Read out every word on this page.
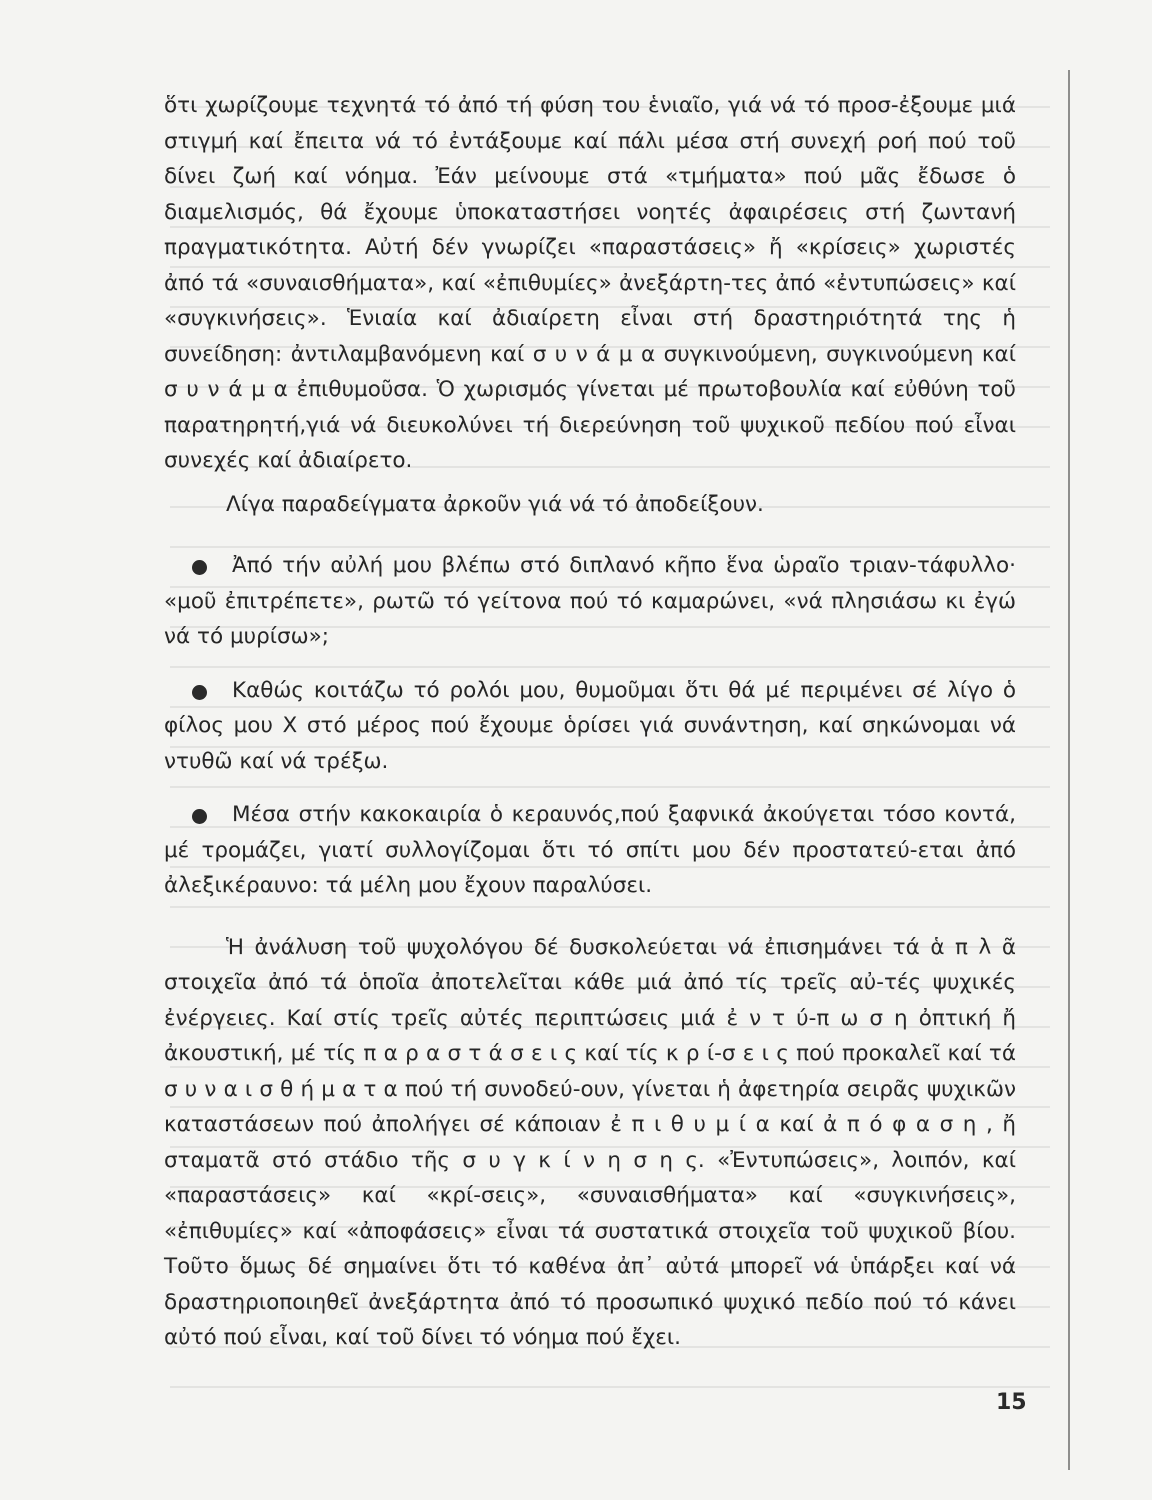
ὅτι χωρίζουμε τεχνητά τό ἀπό τή φύση του ἑνιαῖο, γιά νά τό προσ-ἐξουμε μιά στιγμή καί ἔπειτα νά τό ἐντάξουμε καί πάλι μέσα στή συνεχή ροή πού τοῦ δίνει ζωή καί νόημα. Ἐάν μείνουμε στά «τμήματα» πού μᾶς ἔδωσε ὁ διαμελισμός, θά ἔχουμε ὑποκαταστήσει νοητές ἀφαιρέσεις στή ζωντανή πραγματικότητα. Αὐτή δέν γνωρίζει «παραστάσεις» ἤ «κρίσεις» χωριστές ἀπό τά «συναισθήματα», καί «ἐπιθυμίες» ἀνεξάρτη-τες ἀπό «ἐντυπώσεις» καί «συγκινήσεις». Ἑνιαία καί ἀδιαίρετη εἶναι στή δραστηριότητά της ἡ συνείδηση: ἀντιλαμβανόμενη καί σ υ ν ά μ α συγκινούμενη, συγκινούμενη καί σ υ ν ά μ α ἐπιθυμοῦσα. Ὁ χωρισμός γίνεται μέ πρωτοβουλία καί εὐθύνη τοῦ παρατηρητή,γιά νά διευκολύνει τή διερεύνηση τοῦ ψυχικοῦ πεδίου πού εἶναι συνεχές καί ἀδιαίρετο.

Λίγα παραδείγματα ἀρκοῦν γιά νά τό ἀποδείξουν.

Ἀπό τήν αὐλή μου βλέπω στό διπλανό κῆπο ἕνα ὡραῖο τριαν-τάφυλλο· «μοῦ ἐπιτρέπετε», ρωτῶ τό γείτονα πού τό καμαρώνει, «νά πλησιάσω κι ἐγώ νά τό μυρίσω»;

Καθώς κοιτάζω τό ρολόι μου, θυμοῦμαι ὅτι θά μέ περιμένει σέ λίγο ὁ φίλος μου Χ στό μέρος πού ἔχουμε ὁρίσει γιά συνάντηση, καί σηκώνομαι νά ντυθῶ καί νά τρέξω.

Μέσα στήν κακοκαιρία ὁ κεραυνός,πού ξαφνικά ἀκούγεται τόσο κοντά, μέ τρομάζει, γιατί συλλογίζομαι ὅτι τό σπίτι μου δέν προστατεύ-εται ἀπό ἀλεξικέραυνο: τά μέλη μου ἔχουν παραλύσει.

Ἡ ἀνάλυση τοῦ ψυχολόγου δέ δυσκολεύεται νά ἐπισημάνει τά ἁ π λ ᾶ στοιχεῖα ἀπό τά ὁποῖα ἀποτελεῖται κάθε μιά ἀπό τίς τρεῖς αὐ-τές ψυχικές ἐνέργειες. Καί στίς τρεῖς αὐτές περιπτώσεις μιά ἐ ν τ ύ-π ω σ η ὀπτική ἤ ἀκουστική, μέ τίς π α ρ α σ τ ά σ ε ι ς καί τίς κ ρ ί-σ ε ι ς πού προκαλεῖ καί τά σ υ ν α ι σ θ ή μ α τ α πού τή συνοδεύ-ουν, γίνεται ἡ ἀφετηρία σειρᾶς ψυχικῶν καταστάσεων πού ἀπολήγει σέ κάποιαν ἐ π ι θ υ μ ί α καί ἀ π ό φ α σ η , ἤ σταματᾶ στό στάδιο τῆς σ υ γ κ ί ν η σ η ς. «Ἐντυπώσεις», λοιπόν, καί «παραστάσεις» καί «κρί-σεις», «συναισθήματα» καί «συγκινήσεις», «ἐπιθυμίες» καί «ἀποφάσεις» εἶναι τά συστατικά στοιχεῖα τοῦ ψυχικοῦ βίου. Τοῦτο ὅμως δέ σημαίνει ὅτι τό καθένα ἀπ᾽ αὐτά μπορεῖ νά ὑπάρξει καί νά δραστηριοποιηθεῖ ἀνεξάρτητα ἀπό τό προσωπικό ψυχικό πεδίο πού τό κάνει αὐτό πού εἶναι, καί τοῦ δίνει τό νόημα πού ἔχει.

15
